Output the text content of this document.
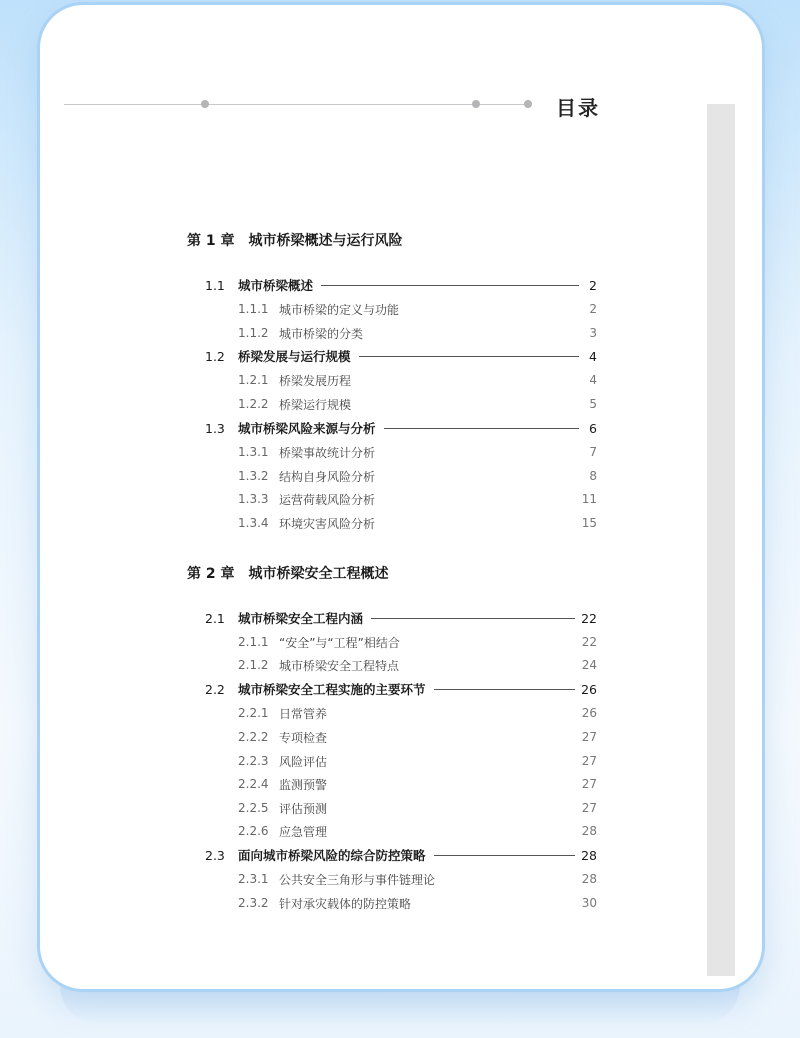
目录
第 1 章 城市桥梁概述与运行风险
1.1	城市桥梁概述	2
1.1.1 城市桥梁的定义与功能	2
1.1.2 城市桥梁的分类	3
1.2	桥梁发展与运行规模	4
1.2.1 桥梁发展历程	4
1.2.2 桥梁运行规模	5
1.3	城市桥梁风险来源与分析	6
1.3.1 桥梁事故统计分析	7
1.3.2 结构自身风险分析	8
1.3.3 运营荷载风险分析	11
1.3.4 环境灾害风险分析	15
第 2 章 城市桥梁安全工程概述
2.1	城市桥梁安全工程内涵	22
2.1.1 “安全”与“工程”相结合	22
2.1.2 城市桥梁安全工程特点	24
2.2	城市桥梁安全工程实施的主要环节	26
2.2.1 日常管养	26
2.2.2 专项检查	27
2.2.3 风险评估	27
2.2.4 监测预警	27
2.2.5 评估预测	27
2.2.6 应急管理	28
2.3	面向城市桥梁风险的综合防控策略	28
2.3.1 公共安全三角形与事件链理论	28
2.3.2 针对承灾载体的防控策略	30
